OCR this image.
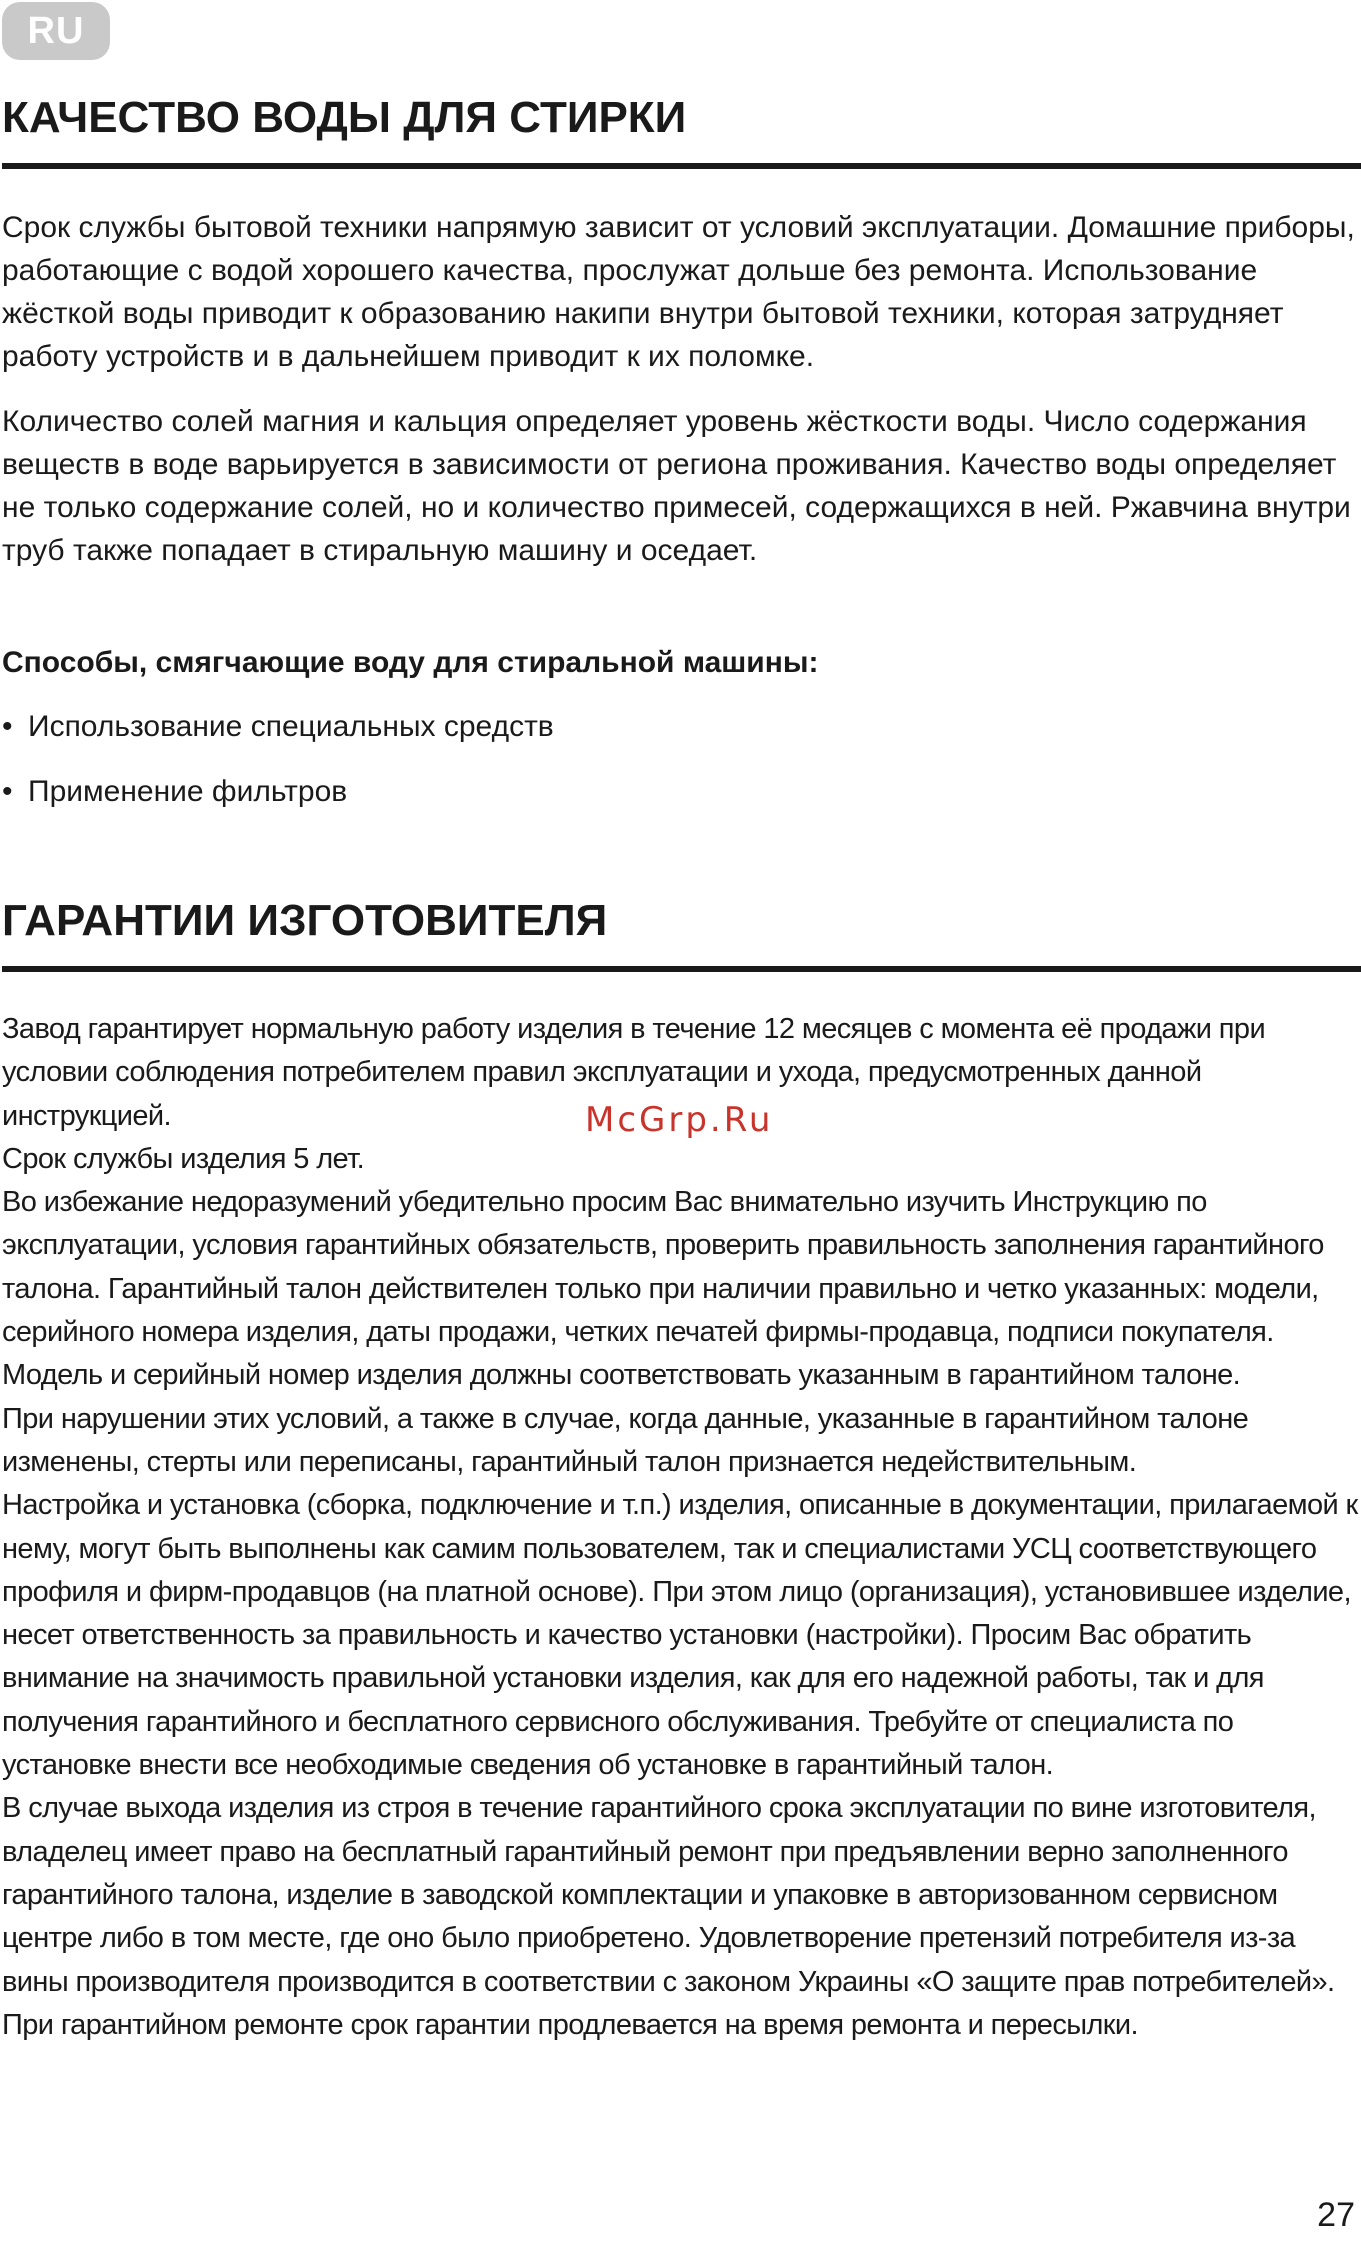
RU
КАЧЕСТВО ВОДЫ ДЛЯ СТИРКИ

Срок службы бытовой техники напрямую зависит от условий эксплуатации. Домашние приборы, работающие с водой хорошего качества, прослужат дольше без ремонта. Использование жёсткой воды приводит к образованию накипи внутри бытовой техники, которая затрудняет работу устройств и в дальнейшем приводит к их поломке.

Количество солей магния и кальция определяет уровень жёсткости воды. Число содержания веществ в воде варьируется в зависимости от региона проживания. Качество воды определяет не только содержание солей, но и количество примесей, содержащихся в ней. Ржавчина внутри труб также попадает в стиральную машину и оседает.

Способы, смягчающие воду для стиральной машины:

• Использование специальных средств
• Применение фильтров
ГАРАНТИИ ИЗГОТОВИТЕЛЯ

Завод гарантирует нормальную работу изделия в течение 12 месяцев с момента её продажи при условии соблюдения потребителем правил эксплуатации и ухода, предусмотренных данной инструкцией.

Срок службы изделия 5 лет.

Во избежание недоразумений убедительно просим Вас внимательно изучить Инструкцию по эксплуатации, условия гарантийных обязательств, проверить правильность заполнения гарантийного талона. Гарантийный талон действителен только при наличии правильно и четко указанных: модели, серийного номера изделия, даты продажи, четких печатей фирмы-продавца, подписи покупателя. Модель и серийный номер изделия должны соответствовать указанным в гарантийном талоне.

При нарушении этих условий, а также в случае, когда данные, указанные в гарантийном талоне изменены, стерты или переписаны, гарантийный талон признается недействительным.

Настройка и установка (сборка, подключение и т.п.) изделия, описанные в документации, прилагаемой к нему, могут быть выполнены как самим пользователем, так и специалистами УСЦ соответствующего профиля и фирм-продавцов (на платной основе). При этом лицо (организация), установившее изделие, несет ответственность за правильность и качество установки (настройки). Просим Вас обратить внимание на значимость правильной установки изделия, как для его надежной работы, так и для получения гарантийного и бесплатного сервисного обслуживания. Требуйте от специалиста по установке внести все необходимые сведения об установке в гарантийный талон.

В случае выхода изделия из строя в течение гарантийного срока эксплуатации по вине изготовителя, владелец имеет право на бесплатный гарантийный ремонт при предъявлении верно заполненного гарантийного талона, изделие в заводской комплектации и упаковке в авторизованном сервисном центре либо в том месте, где оно было приобретено. Удовлетворение претензий потребителя из-за вины производителя производится в соответствии с законом Украины «О защите прав потребителей». При гарантийном ремонте срок гарантии продлевается на время ремонта и пересылки.

McGrp.Ru
27
